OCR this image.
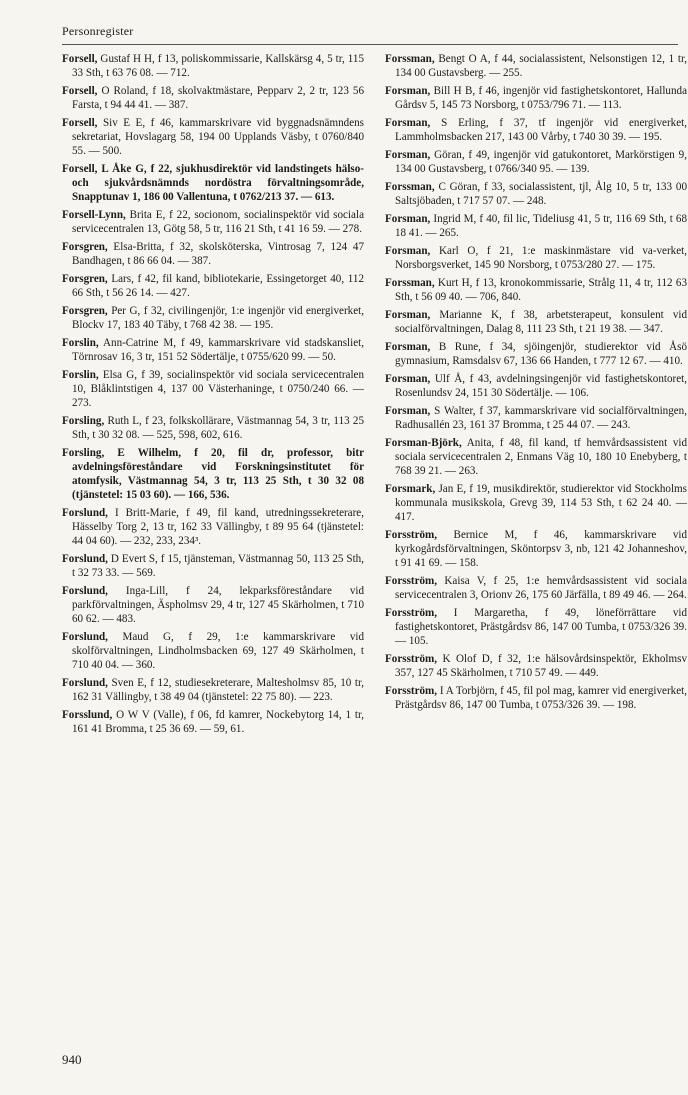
Personregister

Forsell, Gustaf H H, f 13, poliskommissarie, Kallskärsg 4, 5 tr, 115 33 Sth, t 63 76 08. — 712.

Forsell, O Roland, f 18, skolvaktmästare, Pepparv 2, 2 tr, 123 56 Farsta, t 94 44 41. — 387.

Forsell, Siv E E, f 46, kammarskrivare vid byggnadsnämndens sekretariat, Hovslagarg 58, 194 00 Upplands Väsby, t 0760/840 55. — 500.

Forsell, L Åke G, f 22, sjukhusdirektör vid landstingets hälso- och sjukvårdsnämnds nordöstra förvaltningsområde, Snapptunav 1, 186 00 Vallentuna, t 0762/213 37. — 613.

Forsell-Lynn, Brita E, f 22, socionom, socialinspektör vid sociala servicecentralen 13, Götg 58, 5 tr, 116 21 Sth, t 41 16 59. — 278.

Forsgren, Elsa-Britta, f 32, skolsköterska, Vintrosag 7, 124 47 Bandhagen, t 86 66 04. — 387.

Forsgren, Lars, f 42, fil kand, bibliotekarie, Essingetorget 40, 112 66 Sth, t 56 26 14. — 427.

Forsgren, Per G, f 32, civilingenjör, 1:e ingenjör vid energiverket, Blockv 17, 183 40 Täby, t 768 42 38. — 195.

Forslin, Ann-Catrine M, f 49, kammarskrivare vid stadskansliet, Törnrosav 16, 3 tr, 151 52 Södertälje, t 0755/620 99. — 50.

Forslin, Elsa G, f 39, socialinspektör vid sociala servicecentralen 10, Blåklintstigen 4, 137 00 Västerhaninge, t 0750/240 66. — 273.

Forsling, Ruth L, f 23, folkskollärare, Västmannag 54, 3 tr, 113 25 Sth, t 30 32 08. — 525, 598, 602, 616.

Forsling, E Wilhelm, f 20, fil dr, professor, bitr avdelningsföreståndare vid Forskningsinstitutet för atomfysik, Västmannag 54, 3 tr, 113 25 Sth, t 30 32 08 (tjänstetel: 15 03 60). — 166, 536.

Forslund, I Britt-Marie, f 49, fil kand, utredningssekreterare, Hässelby Torg 2, 13 tr, 162 33 Vällingby, t 89 95 64 (tjänstetel: 44 04 60). — 232, 233, 234³.

Forslund, D Evert S, f 15, tjänsteman, Västmannag 50, 113 25 Sth, t 32 73 33. — 569.

Forslund, Inga-Lill, f 24, lekparksföreståndare vid parkförvaltningen, Äspholmsv 29, 4 tr, 127 45 Skärholmen, t 710 60 62. — 483.

Forslund, Maud G, f 29, 1:e kammarskrivare vid skolförvaltningen, Lindholmsbacken 69, 127 49 Skärholmen, t 710 40 04. — 360.

Forslund, Sven E, f 12, studiesekreterare, Maltesholmsv 85, 10 tr, 162 31 Vällingby, t 38 49 04 (tjänstetel: 22 75 80). — 223.

Forsslund, O W V (Valle), f 06, fd kamrer, Nockebytorg 14, 1 tr, 161 41 Bromma, t 25 36 69. — 59, 61.

Forssman, Bengt O A, f 44, socialassistent, Nelsonstigen 12, 1 tr, 134 00 Gustavsberg. — 255.

Forsman, Bill H B, f 46, ingenjör vid fastighetskontoret, Hallunda Gårdsv 5, 145 73 Norsborg, t 0753/796 71. — 113.

Forsman, S Erling, f 37, tf ingenjör vid energiverket, Lammholmsbacken 217, 143 00 Vårby, t 740 30 39. — 195.

Forsman, Göran, f 49, ingenjör vid gatukontoret, Markörstigen 9, 134 00 Gustavsberg, t 0766/340 95. — 139.

Forssman, C Göran, f 33, socialassistent, tjl, Ålg 10, 5 tr, 133 00 Saltsjöbaden, t 717 57 07. — 248.

Forsman, Ingrid M, f 40, fil lic, Tideliusg 41, 5 tr, 116 69 Sth, t 68 18 41. — 265.

Forsman, Karl O, f 21, 1:e maskinmästare vid va-verket, Norsborgsverket, 145 90 Norsborg, t 0753/280 27. — 175.

Forssman, Kurt H, f 13, kronokommissarie, Strålg 11, 4 tr, 112 63 Sth, t 56 09 40. — 706, 840.

Forsman, Marianne K, f 38, arbetsterapeut, konsulent vid socialförvaltningen, Dalag 8, 111 23 Sth, t 21 19 38. — 347.

Forsman, B Rune, f 34, sjöingenjör, studierektor vid Åsö gymnasium, Ramsdalsv 67, 136 66 Handen, t 777 12 67. — 410.

Forsman, Ulf Å, f 43, avdelningsingenjör vid fastighetskontoret, Rosenlundsv 24, 151 30 Södertälje. — 106.

Forsman, S Walter, f 37, kammarskrivare vid socialförvaltningen, Radhusallén 23, 161 37 Bromma, t 25 44 07. — 243.

Forsman-Björk, Anita, f 48, fil kand, tf hemvårdsassistent vid sociala servicecentralen 2, Enmans Väg 10, 180 10 Enebyberg, t 768 39 21. — 263.

Forsmark, Jan E, f 19, musikdirektör, studierektor vid Stockholms kommunala musikskola, Grevg 39, 114 53 Sth, t 62 24 40. — 417.

Forsström, Bernice M, f 46, kammarskrivare vid kyrkogårdsförvaltningen, Sköntorpsv 3, nb, 121 42 Johanneshov, t 91 41 69. — 158.

Forsström, Kaisa V, f 25, 1:e hemvårdsassistent vid sociala servicecentralen 3, Orionv 26, 175 60 Järfälla, t 89 49 46. — 264.

Forsström, I Margaretha, f 49, löneförrättare vid fastighetskontoret, Prästgårdsv 86, 147 00 Tumba, t 0753/326 39. — 105.

Forsström, K Olof D, f 32, 1:e hälsovårdsinspektör, Ekholmsv 357, 127 45 Skärholmen, t 710 57 49. — 449.

Forsström, I A Torbjörn, f 45, fil pol mag, kamrer vid energiverket, Prästgårdsv 86, 147 00 Tumba, t 0753/326 39. — 198.

940
